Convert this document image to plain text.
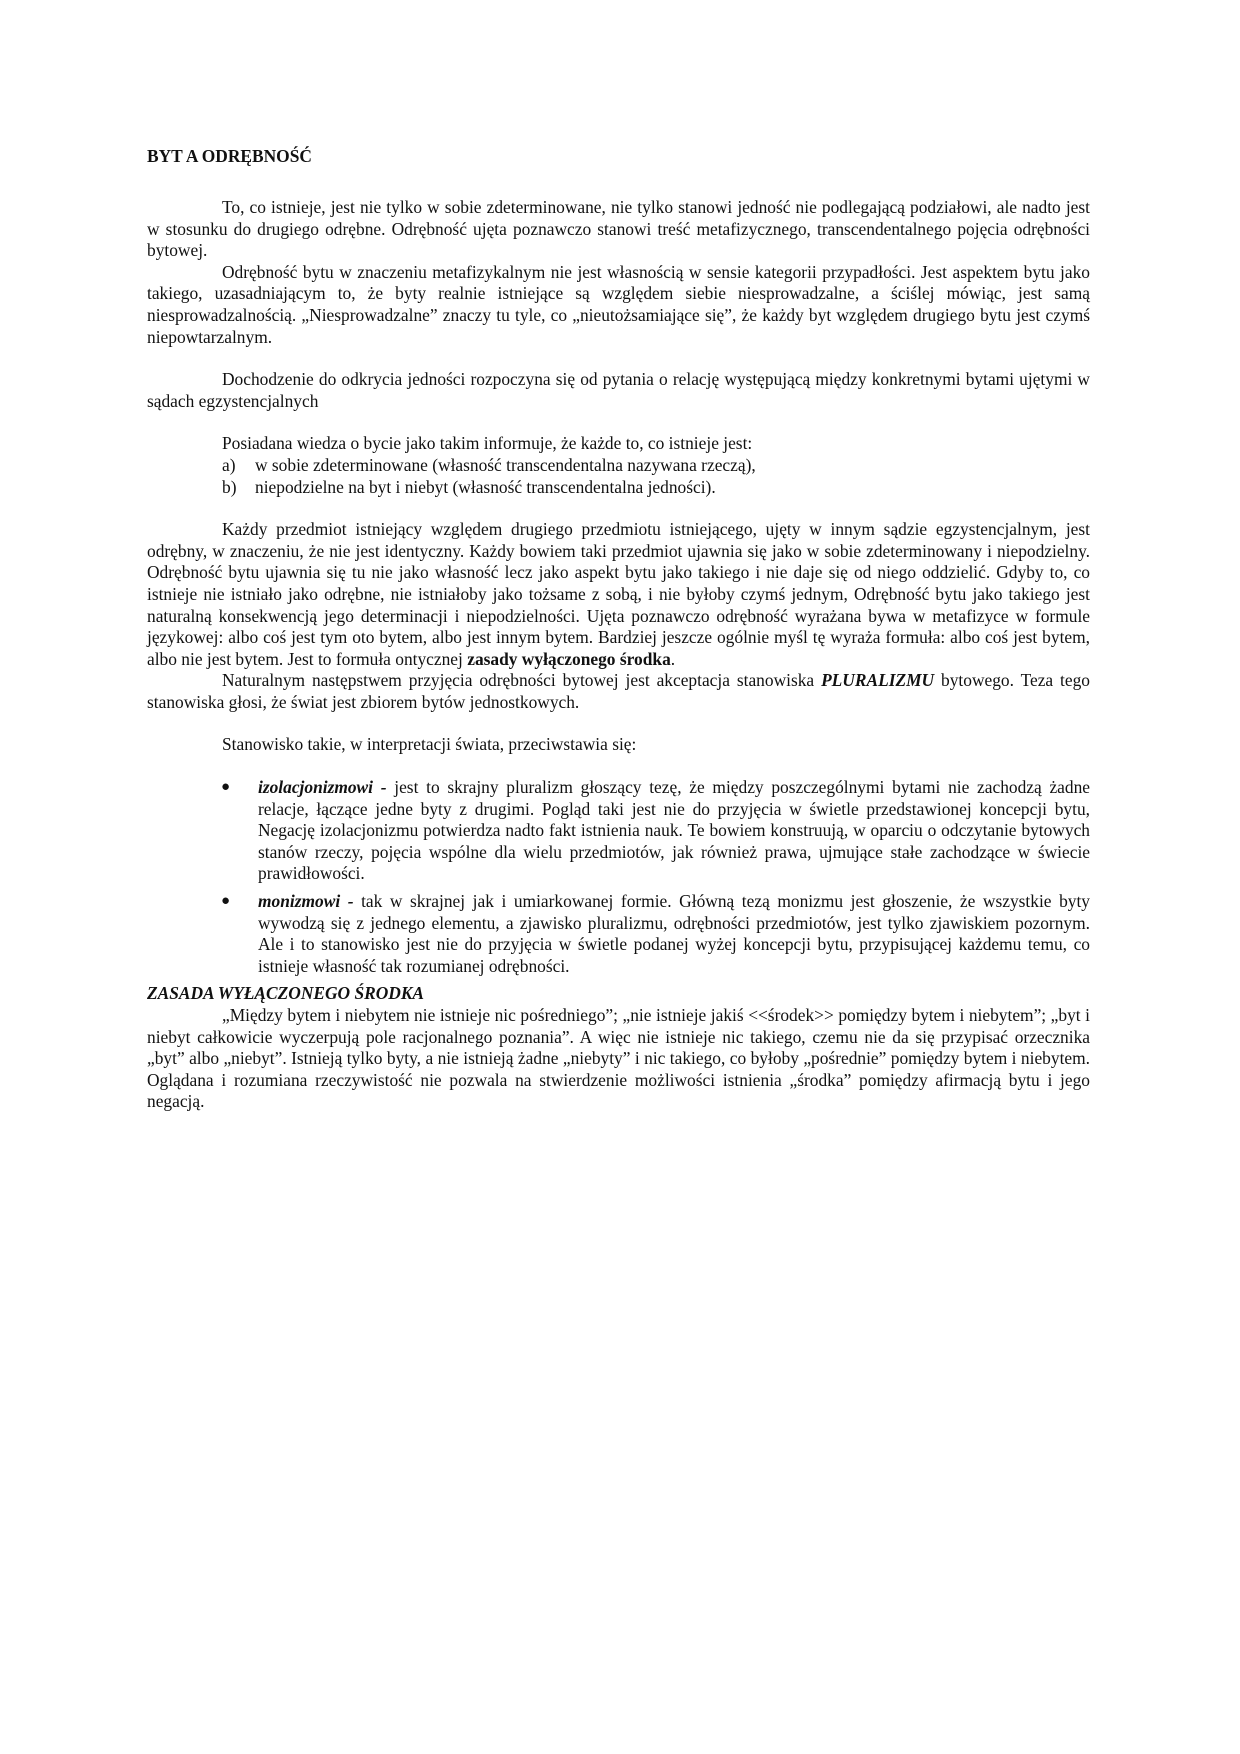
BYT A ODRĘBNOŚĆ

To, co istnieje, jest nie tylko w sobie zdeterminowane, nie tylko stanowi jedność nie podlegającą podziałowi, ale nadto jest w stosunku do drugiego odrębne. Odrębność ujęta poznawczo stanowi treść metafizycznego, transcendentalnego pojęcia odrębności bytowej.

Odrębność bytu w znaczeniu metafizykalnym nie jest własnością w sensie kategorii przypadłości. Jest aspektem bytu jako takiego, uzasadniającym to, że byty realnie istniejące są względem siebie niesprowadzalne, a ściślej mówiąc, jest samą niesprowadzalnością. „Niesprowadzalne” znaczy tu tyle, co „nieutożsamiające się”, że każdy byt względem drugiego bytu jest czymś niepowtarzalnym.

Dochodzenie do odkrycia jedności rozpoczyna się od pytania o relację występującą między konkretnymi bytami ujętymi w sądach egzystencjalnych

Posiadana wiedza o bycie jako takim informuje, że każde to, co istnieje jest:

a)	w sobie zdeterminowane (własność transcendentalna nazywana rzeczą),
b)	niepodzielne na byt i niebyt (własność transcendentalna jedności).

Każdy przedmiot istniejący względem drugiego przedmiotu istniejącego, ujęty w innym sądzie egzystencjalnym, jest odrębny, w znaczeniu, że nie jest identyczny. Każdy bowiem taki przedmiot ujawnia się jako w sobie zdeterminowany i niepodzielny. Odrębność bytu ujawnia się tu nie jako własność lecz jako aspekt bytu jako takiego i nie daje się od niego oddzielić. Gdyby to, co istnieje nie istniało jako odrębne, nie istniałoby jako tożsame z sobą, i nie byłoby czymś jednym, Odrębność bytu jako takiego jest naturalną konsekwencją jego determinacji i niepodzielności. Ujęta poznawczo odrębność wyrażana bywa w metafizyce w formule językowej: albo coś jest tym oto bytem, albo jest innym bytem. Bardziej jeszcze ogólnie myśl tę wyraża formuła: albo coś jest bytem, albo nie jest bytem. Jest to formuła ontycznej zasady wyłączonego środka.

Naturalnym następstwem przyjęcia odrębności bytowej jest akceptacja stanowiska PLURALIZMU bytowego. Teza tego stanowiska głosi, że świat jest zbiorem bytów jednostkowych.

Stanowisko takie, w interpretacji świata, przeciwstawia się:

●	izolacjonizmowi - jest to skrajny pluralizm głoszący tezę, że między poszczególnymi bytami nie zachodzą żadne relacje, łączące jedne byty z drugimi. Pogląd taki jest nie do przyjęcia w świetle przedstawionej koncepcji bytu, Negację izolacjonizmu potwierdza nadto fakt istnienia nauk. Te bowiem konstruują, w oparciu o odczytanie bytowych stanów rzeczy, pojęcia wspólne dla wielu przedmiotów, jak również prawa, ujmujące stałe zachodzące w świecie prawidłowości.
●	monizmowi - tak w skrajnej jak i umiarkowanej formie. Główną tezą monizmu jest głoszenie, że wszystkie byty wywodzą się z jednego elementu, a zjawisko pluralizmu, odrębności przedmiotów, jest tylko zjawiskiem pozornym. Ale i to stanowisko jest nie do przyjęcia w świetle podanej wyżej koncepcji bytu, przypisującej każdemu temu, co istnieje własność tak rozumianej odrębności.

ZASADA WYŁĄCZONEGO ŚRODKA

„Między bytem i niebytem nie istnieje nic pośredniego”; „nie istnieje jakiś <<środek>> pomiędzy bytem i niebytem”; „byt i niebyt całkowicie wyczerpują pole racjonalnego poznania”. A więc nie istnieje nic takiego, czemu nie da się przypisać orzecznika „byt” albo „niebyt”. Istnieją tylko byty, a nie istnieją żadne „niebyty” i nic takiego, co byłoby „pośrednie” pomiędzy bytem i niebytem. Oglądana i rozumiana rzeczywistość nie pozwala na stwierdzenie możliwości istnienia „środka” pomiędzy afirmacją bytu i jego negacją.
